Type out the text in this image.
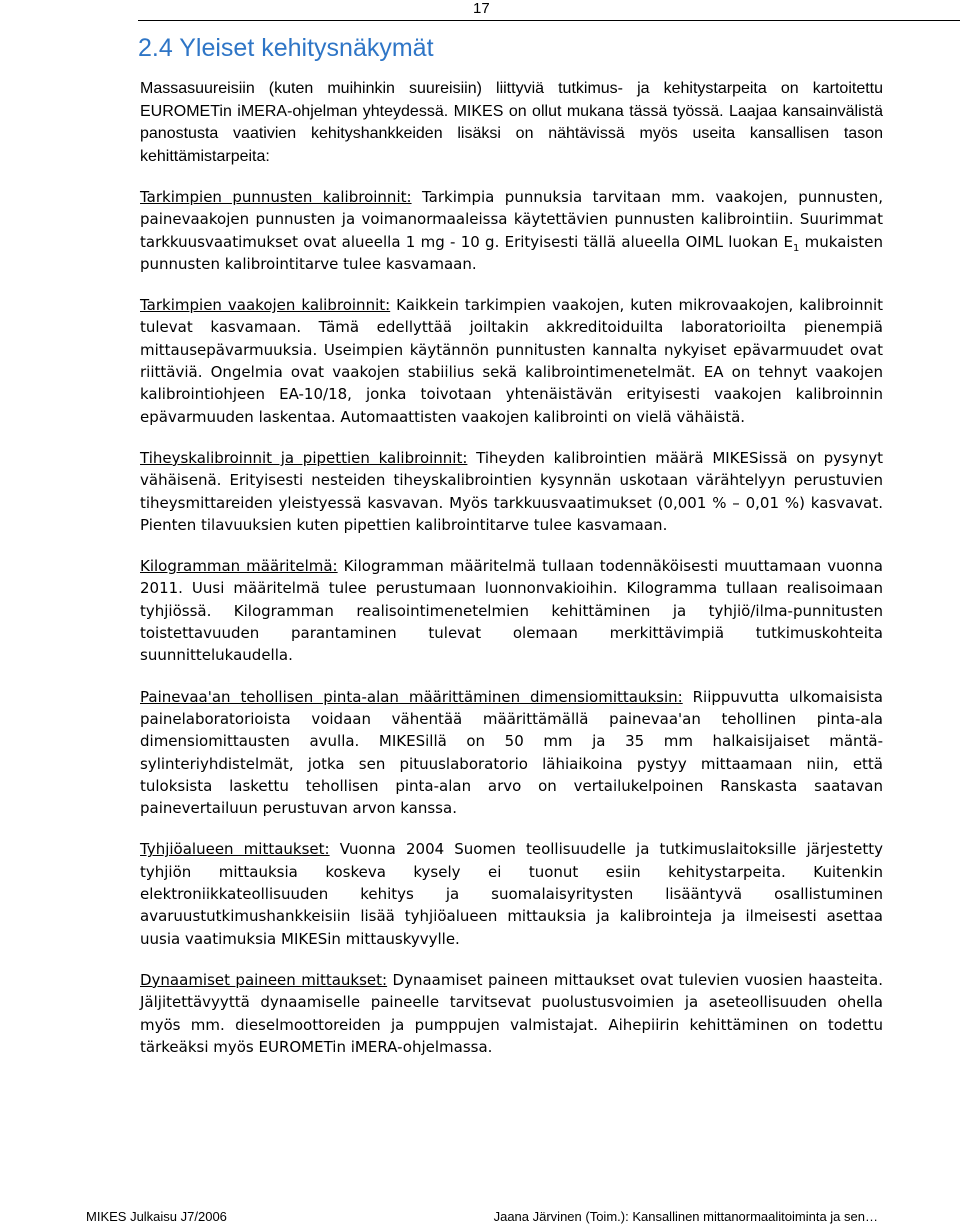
17
2.4 Yleiset kehitysnäkymät

Massasuureisiin (kuten muihinkin suureisiin) liittyviä tutkimus- ja kehitystarpeita on kartoitettu EUROMETin iMERA-ohjelman yhteydessä. MIKES on ollut mukana tässä työssä. Laajaa kansainvälistä panostusta vaativien kehityshankkeiden lisäksi on nähtävissä myös useita kansallisen tason kehittämistarpeita:

Tarkimpien punnusten kalibroinnit: Tarkimpia punnuksia tarvitaan mm. vaakojen, punnusten, painevaakojen punnusten ja voimanormaaleissa käytettävien punnusten kalibrointiin. Suurimmat tarkkuusvaatimukset ovat alueella 1 mg - 10 g. Erityisesti tällä alueella OIML luokan $E_1$ mukaisten punnusten kalibrointitarve tulee kasvamaan.

Tarkimpien vaakojen kalibroinnit: Kaikkein tarkimpien vaakojen, kuten mikrovaakojen, kalibroinnit tulevat kasvamaan. Tämä edellyttää joiltakin akkreditoiduilta laboratorioilta pienempiä mittausepävarmuuksia. Useimpien käytännön punnitusten kannalta nykyiset epävarmuudet ovat riittäviä. Ongelmia ovat vaakojen stabiilius sekä kalibrointimenetelmät. EA on tehnyt vaakojen kalibrointiohjeen EA-10/18, jonka toivotaan yhtenäistävän erityisesti vaakojen kalibroinnin epävarmuuden laskentaa. Automaattisten vaakojen kalibrointi on vielä vähäistä.

Tiheyskalibroinnit ja pipettien kalibroinnit: Tiheyden kalibrointien määrä MIKESissä on pysynyt vähäisenä. Erityisesti nesteiden tiheyskalibrointien kysynnän uskotaan värähtelyyn perustuvien tiheysmittareiden yleistyessä kasvavan. Myös tarkkuusvaatimukset (0,001 % – 0,01 %) kasvavat. Pienten tilavuuksien kuten pipettien kalibrointitarve tulee kasvamaan.

Kilogramman määritelmä: Kilogramman määritelmä tullaan todennäköisesti muuttamaan vuonna 2011. Uusi määritelmä tulee perustumaan luonnonvakioihin. Kilogramma tullaan realisoimaan tyhjiössä. Kilogramman realisointimenetelmien kehittäminen ja tyhjiö/ilma-punnitusten toistettavuuden parantaminen tulevat olemaan merkittävimpiä tutkimuskohteita suunnittelukaudella.

Painevaa'an tehollisen pinta-alan määrittäminen dimensiomittauksin: Riippuvutta ulkomaisista painelaboratorioista voidaan vähentää määrittämällä painevaa'an tehollinen pinta-ala dimensiomittausten avulla. MIKESillä on 50 mm ja 35 mm halkaisijaiset mäntä-sylinteriyhdistelmät, jotka sen pituuslaboratorio lähiaikoina pystyy mittaamaan niin, että tuloksista laskettu tehollisen pinta-alan arvo on vertailukelpoinen Ranskasta saatavan painevertailuun perustuvan arvon kanssa.

Tyhjiöalueen mittaukset: Vuonna 2004 Suomen teollisuudelle ja tutkimuslaitoksille järjestetty tyhjiön mittauksia koskeva kysely ei tuonut esiin kehitystarpeita. Kuitenkin elektroniikkateollisuuden kehitys ja suomalaisyritysten lisääntyvä osallistuminen avaruustutkimushankkeisiin lisää tyhjiöalueen mittauksia ja kalibrointeja ja ilmeisesti asettaa uusia vaatimuksia MIKESin mittauskyvylle.

Dynaamiset paineen mittaukset: Dynaamiset paineen mittaukset ovat tulevien vuosien haasteita. Jäljitettävyyttä dynaamiselle paineelle tarvitsevat puolustusvoimien ja aseteollisuuden ohella myös mm. dieselmoottoreiden ja pumppujen valmistajat. Aihepiirin kehittäminen on todettu tärkeäksi myös EUROMETin iMERA-ohjelmassa.

MIKES Julkaisu J7/2006	Jaana Järvinen (Toim.): Kansallinen mittanormaalitoiminta ja sen…
